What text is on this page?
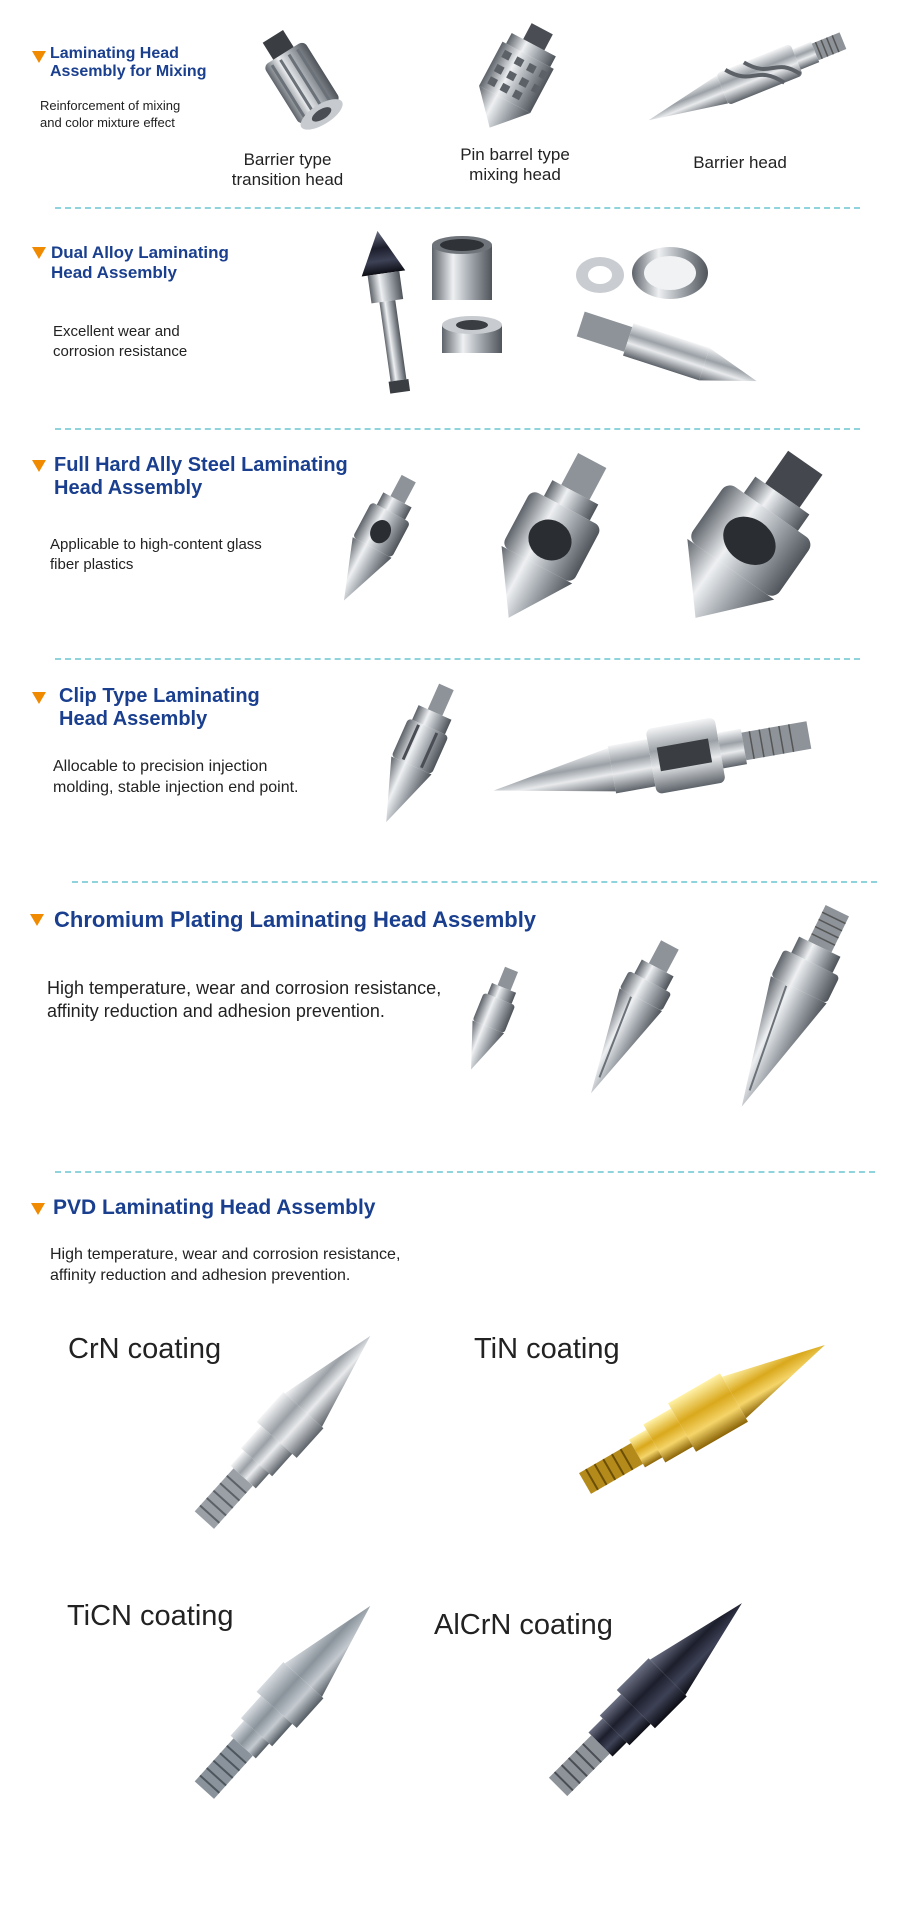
Laminating Head
Assembly for Mixing
Reinforcement of mixing
and color mixture effect
Barrier type
transition head
Pin barrel type
mixing head
Barrier head
Dual Alloy Laminating
Head Assembly
Excellent wear and
corrosion resistance
Full Hard Ally Steel Laminating
Head Assembly
Applicable to high-content glass
fiber plastics
Clip Type Laminating
Head Assembly
Allocable to precision injection
molding, stable injection end point.
Chromium Plating Laminating Head Assembly
High temperature, wear and corrosion resistance,
affinity reduction and adhesion prevention.
PVD Laminating Head Assembly
High temperature, wear and corrosion resistance,
affinity reduction and adhesion prevention.
CrN coating	TiN coating
TiCN coating	AlCrN coating
